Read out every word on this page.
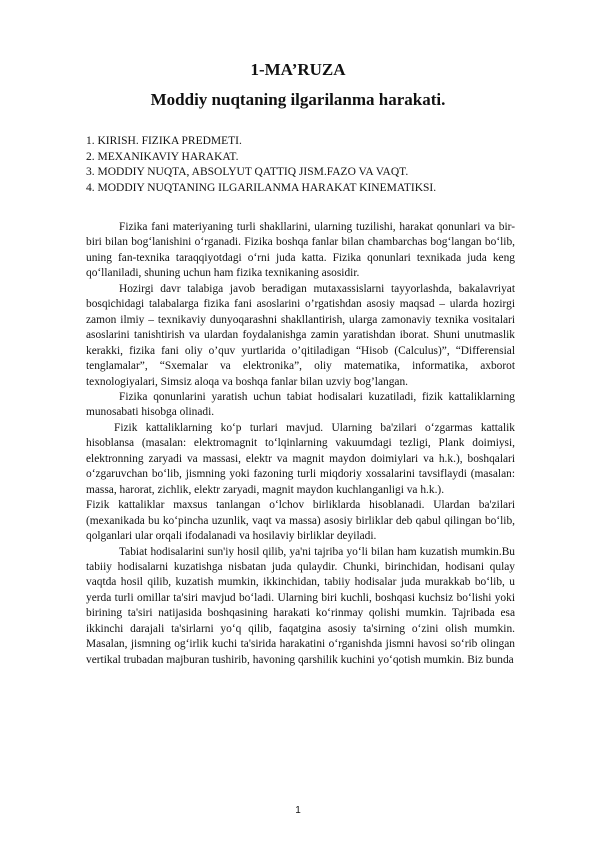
1-MA’RUZA
Moddiy nuqtaning ilgarilanma harakati.
1. KIRISH. FIZIKA PREDMETI.
2. MEXANIKAVIY HARAKAT.
3. MODDIY NUQTA, ABSOLYUT QATTIQ JISM.FAZO VA VAQT.
4. MODDIY NUQTANING ILGARILANMA HARAKAT KINEMATIKSI.

Fizika fani materiyaning turli shakllarini, ularning tuzilishi, harakat qonunlari va bir-biri bilan bog‘lanishini o‘rganadi. Fizika boshqa fanlar bilan chambarchas bog‘langan bo‘lib, uning fan-texnika taraqqiyotdagi o‘rni juda katta. Fizika qonunlari texnikada juda keng qo‘llaniladi, shuning uchun ham fizika texnikaning asosidir.

Hozirgi davr talabiga javob beradigan mutaxassislarni tayyorlashda, bakalavriyat bosqichidagi talabalarga fizika fani asoslarini o’rgatishdan asosiy maqsad – ularda hozirgi zamon ilmiy – texnikaviy dunyoqarashni shakllantirish, ularga zamonaviy texnika vositalari asoslarini tanishtirish va ulardan foydalanishga zamin yaratishdan iborat. Shuni unutmaslik kerakki, fizika fani oliy o’quv yurtlarida o’qitiladigan “Hisob (Calculus)”, “Differensial tenglamalar”, “Sxemalar va elektronika”, oliy matematika, informatika, axborot texnologiyalari, Simsiz aloqa va boshqa fanlar bilan uzviy bog’langan.

Fizika qonunlarini yaratish uchun tabiat hodisalari kuzatiladi, fizik kattaliklarning munosabati hisobga olinadi.

Fizik kattaliklarning ko‘p turlari mavjud. Ularning ba'zilari o‘zgarmas kattalik hisoblansa (masalan: elektromagnit to‘lqinlarning vakuumdagi tezligi, Plank doimiysi, elektronning zaryadi va massasi, elektr va magnit maydon doimiylari va h.k.), boshqalari o‘zgaruvchan bo‘lib, jismning yoki fazoning turli miqdoriy xossalarini tavsiflaydi (masalan: massa, harorat, zichlik, elektr zaryadi, magnit maydon kuchlanganligi va h.k.).

Fizik kattaliklar maxsus tanlangan o‘lchov birliklarda hisoblanadi. Ulardan ba'zilari (mexanikada bu ko‘pincha uzunlik, vaqt va massa) asosiy birliklar deb qabul qilingan bo‘lib, qolganlari ular orqali ifodalanadi va hosilaviy birliklar deyiladi.

Tabiat hodisalarini sun'iy hosil qilib, ya'ni tajriba yo‘li bilan ham kuzatish mumkin.Bu tabiiy hodisalarni kuzatishga nisbatan juda qulaydir. Chunki, birinchidan, hodisani qulay vaqtda hosil qilib, kuzatish mumkin, ikkinchidan, tabiiy hodisalar juda murakkab bo‘lib, u yerda turli omillar ta'siri mavjud bo‘ladi. Ularning biri kuchli, boshqasi kuchsiz bo‘lishi yoki birining ta'siri natijasida boshqasining harakati ko‘rinmay qolishi mumkin. Tajribada esa ikkinchi darajali ta'sirlarni yo‘q qilib, faqatgina asosiy ta'sirning o‘zini olish mumkin. Masalan, jismning og‘irlik kuchi ta'sirida harakatini o‘rganishda jismni havosi so‘rib olingan vertikal trubadan majburan tushirib, havoning qarshilik kuchini yo‘qotish mumkin. Biz bunda

1
